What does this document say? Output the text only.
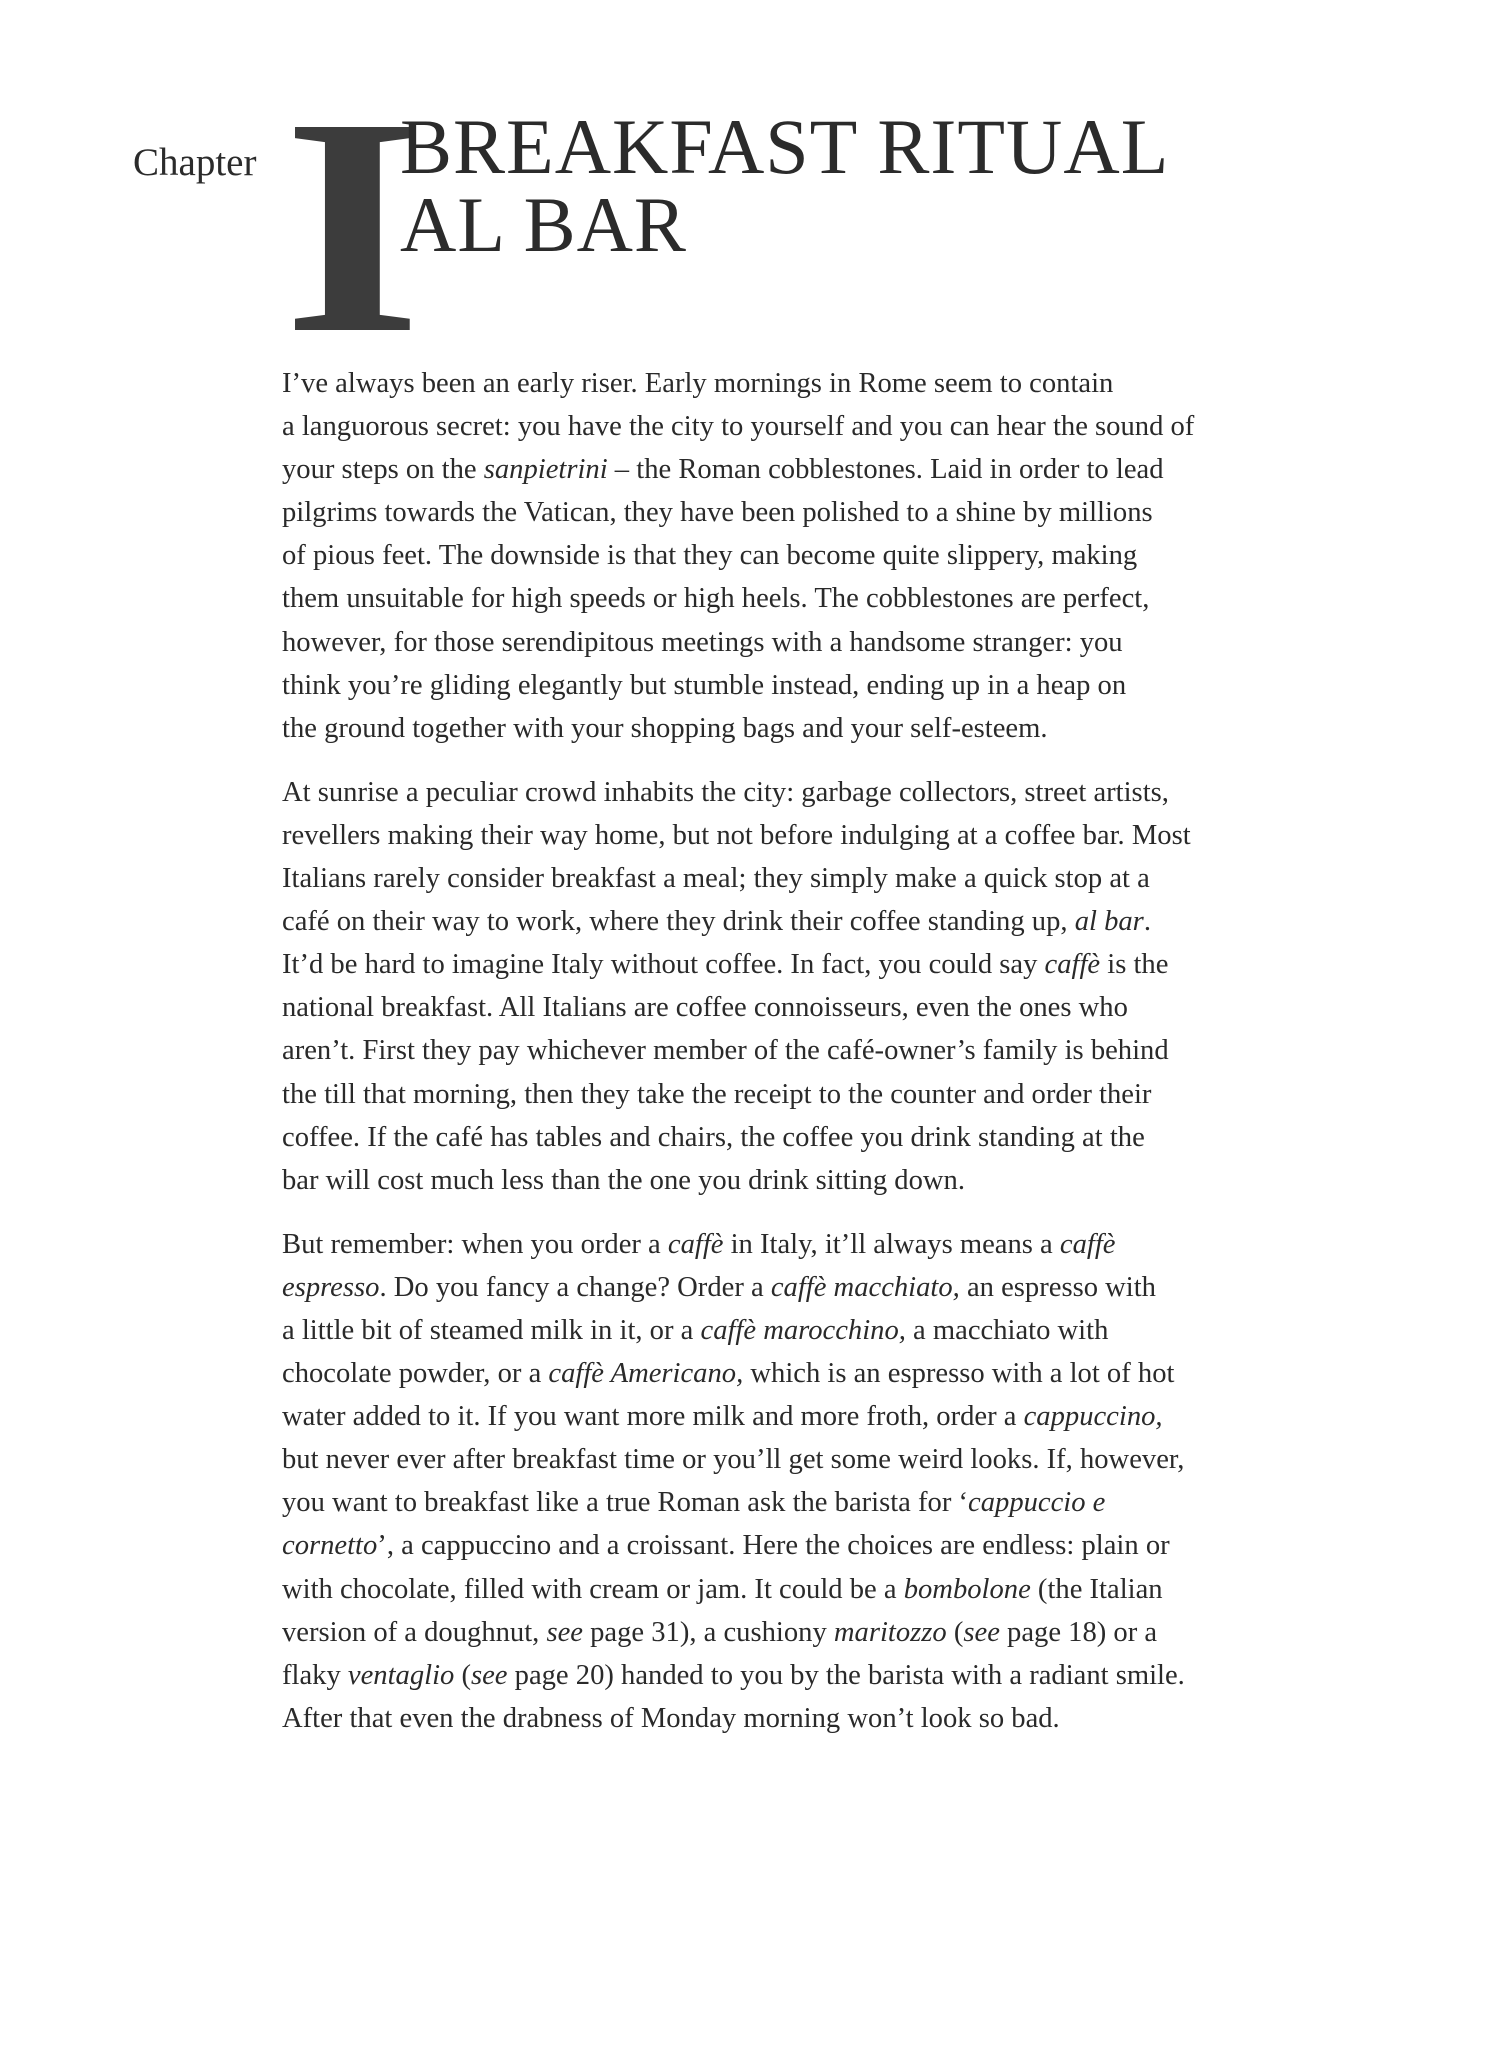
Chapter I
BREAKFAST RITUAL
AL BAR

I’ve always been an early riser. Early mornings in Rome seem to contain
a languorous secret: you have the city to yourself and you can hear the sound of
your steps on the sanpietrini – the Roman cobblestones. Laid in order to lead
pilgrims towards the Vatican, they have been polished to a shine by millions
of pious feet. The downside is that they can become quite slippery, making
them unsuitable for high speeds or high heels. The cobblestones are perfect,
however, for those serendipitous meetings with a handsome stranger: you
think you’re gliding elegantly but stumble instead, ending up in a heap on
the ground together with your shopping bags and your self-esteem.

At sunrise a peculiar crowd inhabits the city: garbage collectors, street artists,
revellers making their way home, but not before indulging at a coffee bar. Most
Italians rarely consider breakfast a meal; they simply make a quick stop at a
café on their way to work, where they drink their coffee standing up, al bar.
It’d be hard to imagine Italy without coffee. In fact, you could say caffè is the
national breakfast. All Italians are coffee connoisseurs, even the ones who
aren’t. First they pay whichever member of the café-owner’s family is behind
the till that morning, then they take the receipt to the counter and order their
coffee. If the café has tables and chairs, the coffee you drink standing at the
bar will cost much less than the one you drink sitting down.

But remember: when you order a caffè in Italy, it’ll always means a caffè
espresso. Do you fancy a change? Order a caffè macchiato, an espresso with
a little bit of steamed milk in it, or a caffè marocchino, a macchiato with
chocolate powder, or a caffè Americano, which is an espresso with a lot of hot
water added to it. If you want more milk and more froth, order a cappuccino,
but never ever after breakfast time or you’ll get some weird looks. If, however,
you want to breakfast like a true Roman ask the barista for ‘cappuccio e
cornetto’, a cappuccino and a croissant. Here the choices are endless: plain or
with chocolate, filled with cream or jam. It could be a bombolone (the Italian
version of a doughnut, see page 31), a cushiony maritozzo (see page 18) or a
flaky ventaglio (see page 20) handed to you by the barista with a radiant smile.
After that even the drabness of Monday morning won’t look so bad.
